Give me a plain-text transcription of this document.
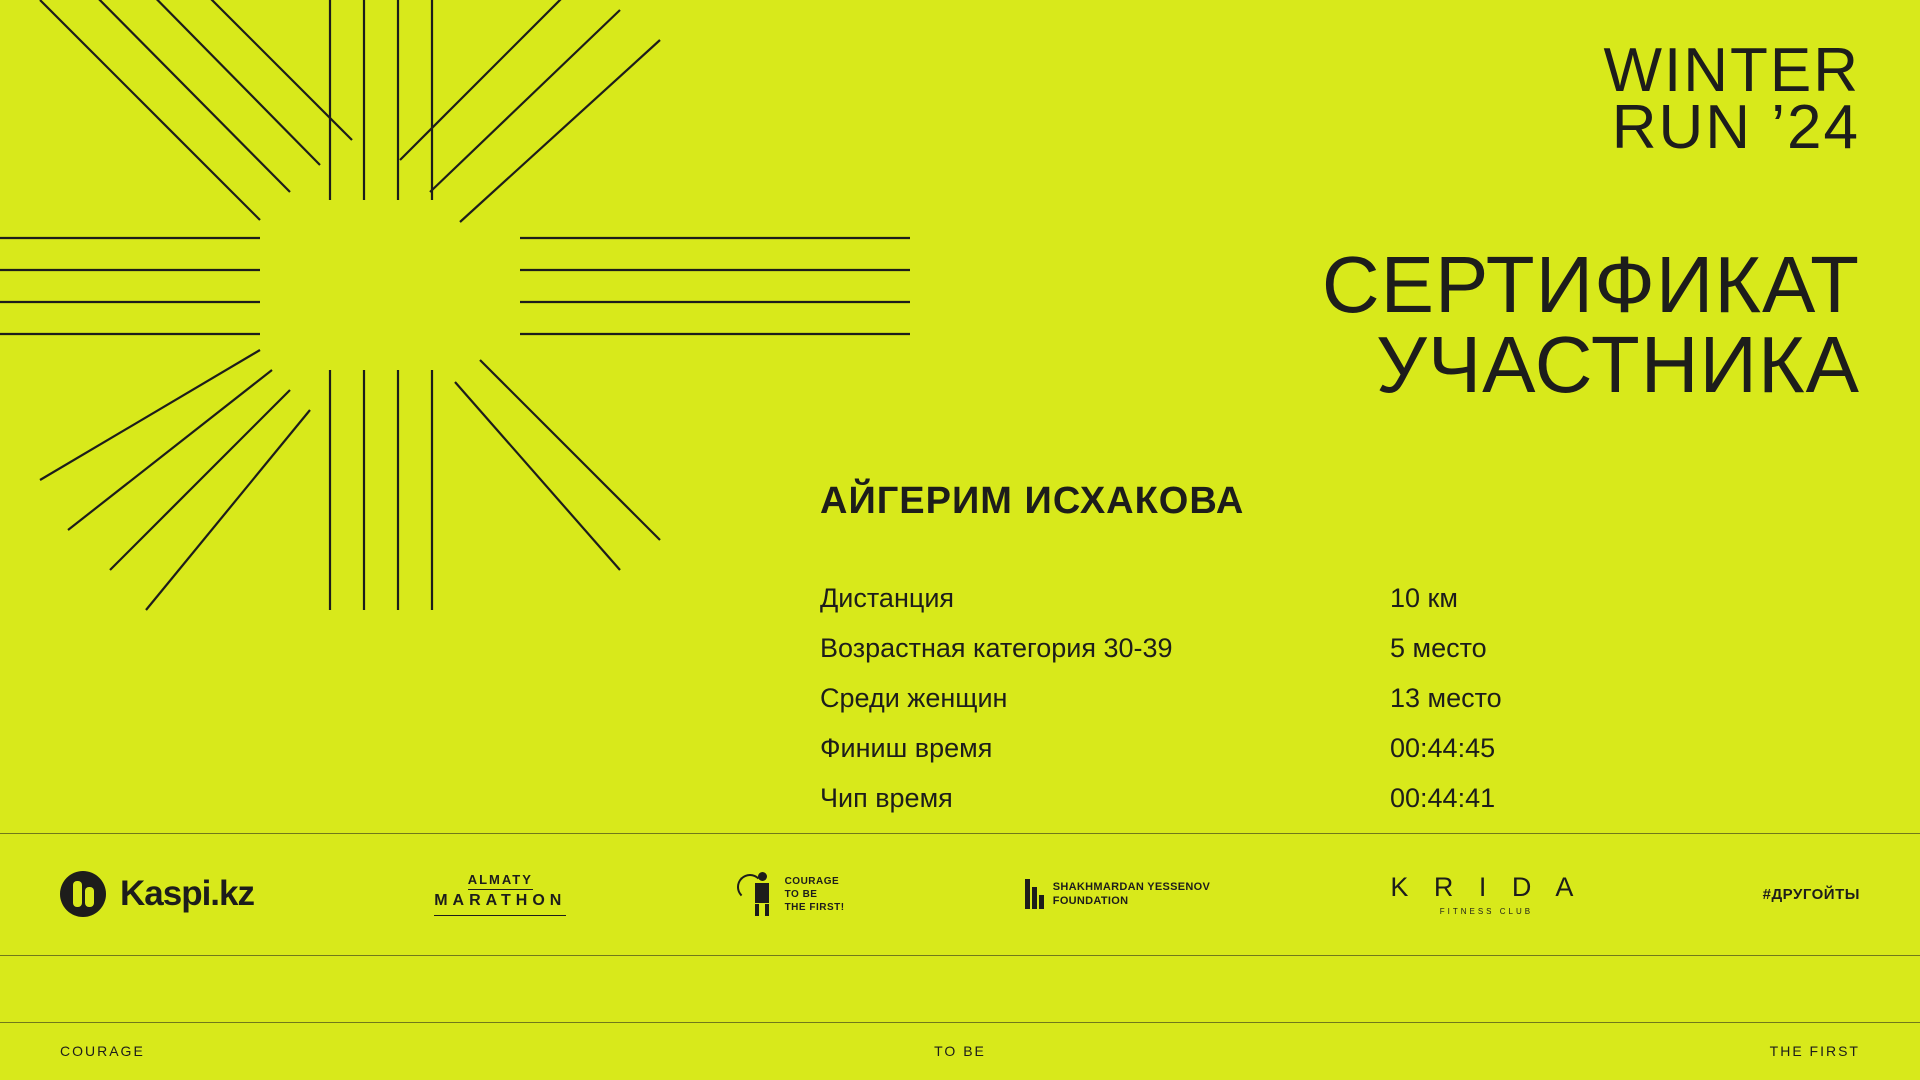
WINTER
RUN ’24
СЕРТИФИКАТ
УЧАСТНИКА
АЙГЕРИМ ИСХАКОВА
Дистанция	10 км
Возрастная категория 30-39	5 место
Среди женщин	13 место
Финиш время	00:44:45
Чип время	00:44:41
Kaspi.kz	ALMATY
MARATHON
COURAGE
TO BE
THE FIRST!
SHAKHMARDAN YESSENOV
FOUNDATION	K R I D A
FITNESS CLUB
#ДРУГОЙТЫ
COURAGE	TO BE	THE FIRST
